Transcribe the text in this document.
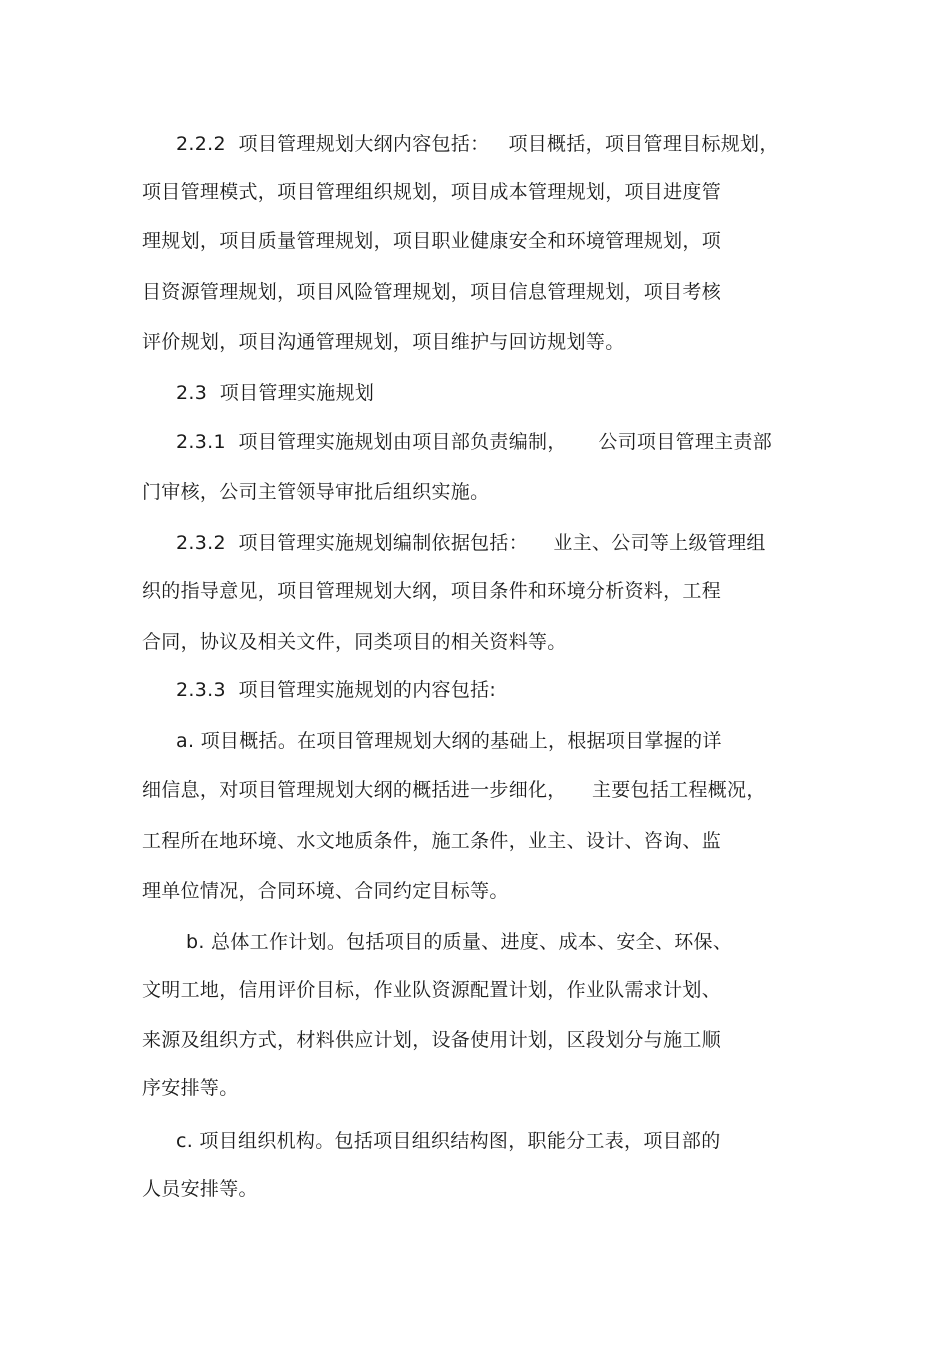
2.2.2  项目管理规划大纲内容包括：   项目概括，项目管理目标规划，
项目管理模式，项目管理组织规划，项目成本管理规划，项目进度管
理规划，项目质量管理规划，项目职业健康安全和环境管理规划，项
目资源管理规划，项目风险管理规划，项目信息管理规划，项目考核
评价规划，项目沟通管理规划，项目维护与回访规划等。
2.3  项目管理实施规划
2.3.1  项目管理实施规划由项目部负责编制，     公司项目管理主责部
门审核，公司主管领导审批后组织实施。
2.3.2  项目管理实施规划编制依据包括：    业主、公司等上级管理组
织的指导意见，项目管理规划大纲，项目条件和环境分析资料，工程
合同，协议及相关文件，同类项目的相关资料等。
2.3.3  项目管理实施规划的内容包括:
a. 项目概括。在项目管理规划大纲的基础上，根据项目掌握的详
细信息，对项目管理规划大纲的概括进一步细化，    主要包括工程概况，
工程所在地环境、水文地质条件，施工条件，业主、设计、咨询、监
理单位情况，合同环境、合同约定目标等。
b. 总体工作计划。包括项目的质量、进度、成本、安全、环保、
文明工地，信用评价目标，作业队资源配置计划，作业队需求计划、
来源及组织方式，材料供应计划，设备使用计划，区段划分与施工顺
序安排等。
c. 项目组织机构。包括项目组织结构图，职能分工表，项目部的
人员安排等。
